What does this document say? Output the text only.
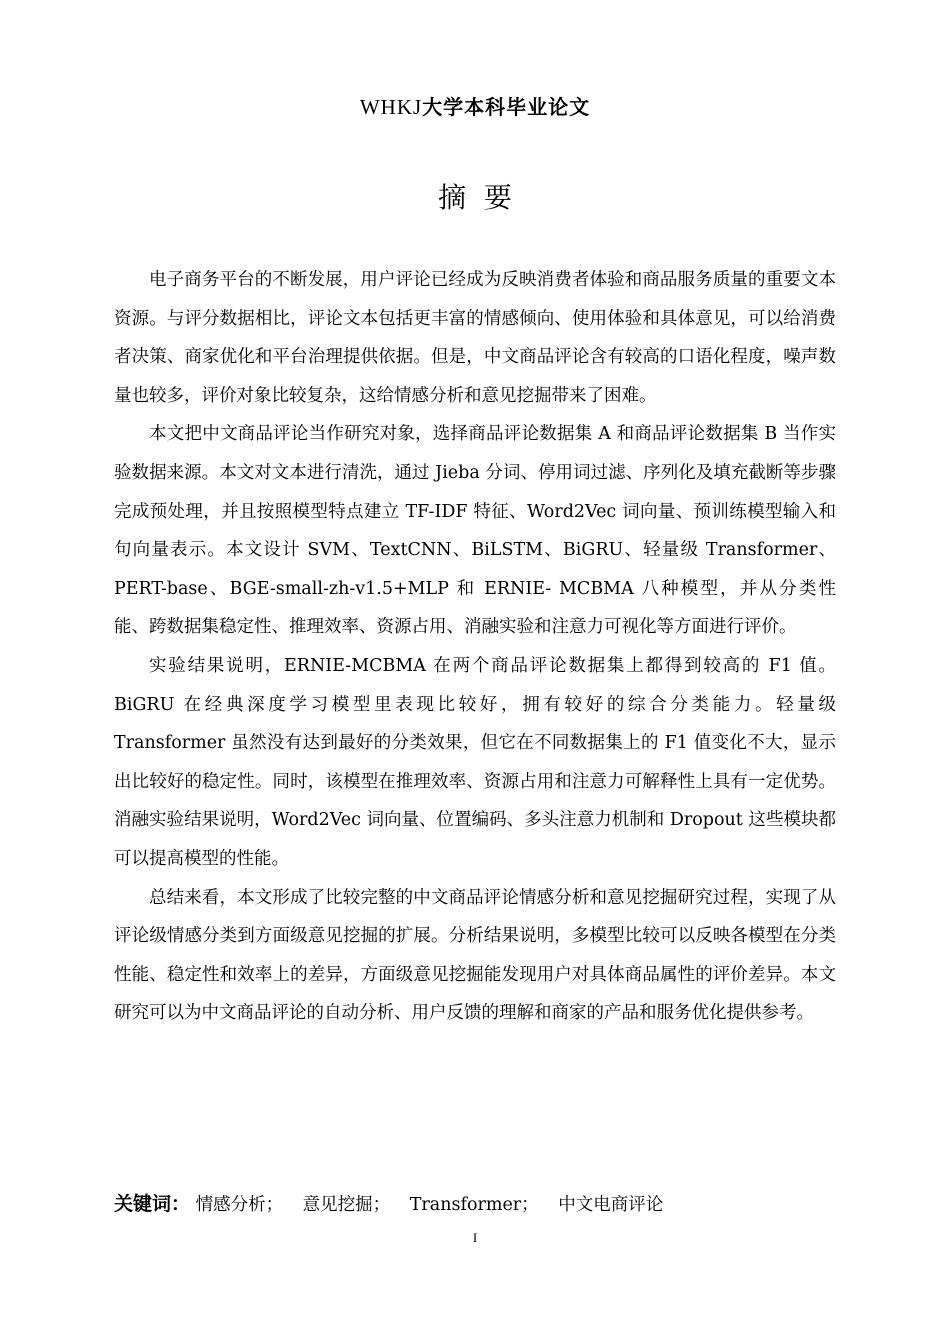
WHKJ大学本科毕业论文
摘  要

电子商务平台的不断发展，用户评论已经成为反映消费者体验和商品服务质量的重要文本资源。与评分数据相比，评论文本包括更丰富的情感倾向、使用体验和具体意见，可以给消费者决策、商家优化和平台治理提供依据。但是，中文商品评论含有较高的口语化程度，噪声数量也较多，评价对象比较复杂，这给情感分析和意见挖掘带来了困难。

本文把中文商品评论当作研究对象，选择商品评论数据集 A 和商品评论数据集 B 当作实验数据来源。本文对文本进行清洗，通过 Jieba 分词、停用词过滤、序列化及填充截断等步骤完成预处理，并且按照模型特点建立 TF-IDF 特征、Word2Vec 词向量、预训练模型输入和句向量表示。本文设计 SVM、TextCNN、BiLSTM、BiGRU、轻量级 Transformer、PERT-base、BGE-small-zh-v1.5+MLP 和 ERNIE- MCBMA 八种模型，并从分类性能、跨数据集稳定性、推理效率、资源占用、消融实验和注意力可视化等方面进行评价。

实验结果说明，ERNIE-MCBMA 在两个商品评论数据集上都得到较高的 F1 值。BiGRU 在经典深度学习模型里表现比较好，拥有较好的综合分类能力。轻量级 Transformer 虽然没有达到最好的分类效果，但它在不同数据集上的 F1 值变化不大，显示出比较好的稳定性。同时，该模型在推理效率、资源占用和注意力可解释性上具有一定优势。消融实验结果说明，Word2Vec 词向量、位置编码、多头注意力机制和 Dropout 这些模块都可以提高模型的性能。

总结来看，本文形成了比较完整的中文商品评论情感分析和意见挖掘研究过程，实现了从评论级情感分类到方面级意见挖掘的扩展。分析结果说明，多模型比较可以反映各模型在分类性能、稳定性和效率上的差异，方面级意见挖掘能发现用户对具体商品属性的评价差异。本文研究可以为中文商品评论的自动分析、用户反馈的理解和商家的产品和服务优化提供参考。

关键词： 情感分析； 意见挖掘； Transformer； 中文电商评论
I
